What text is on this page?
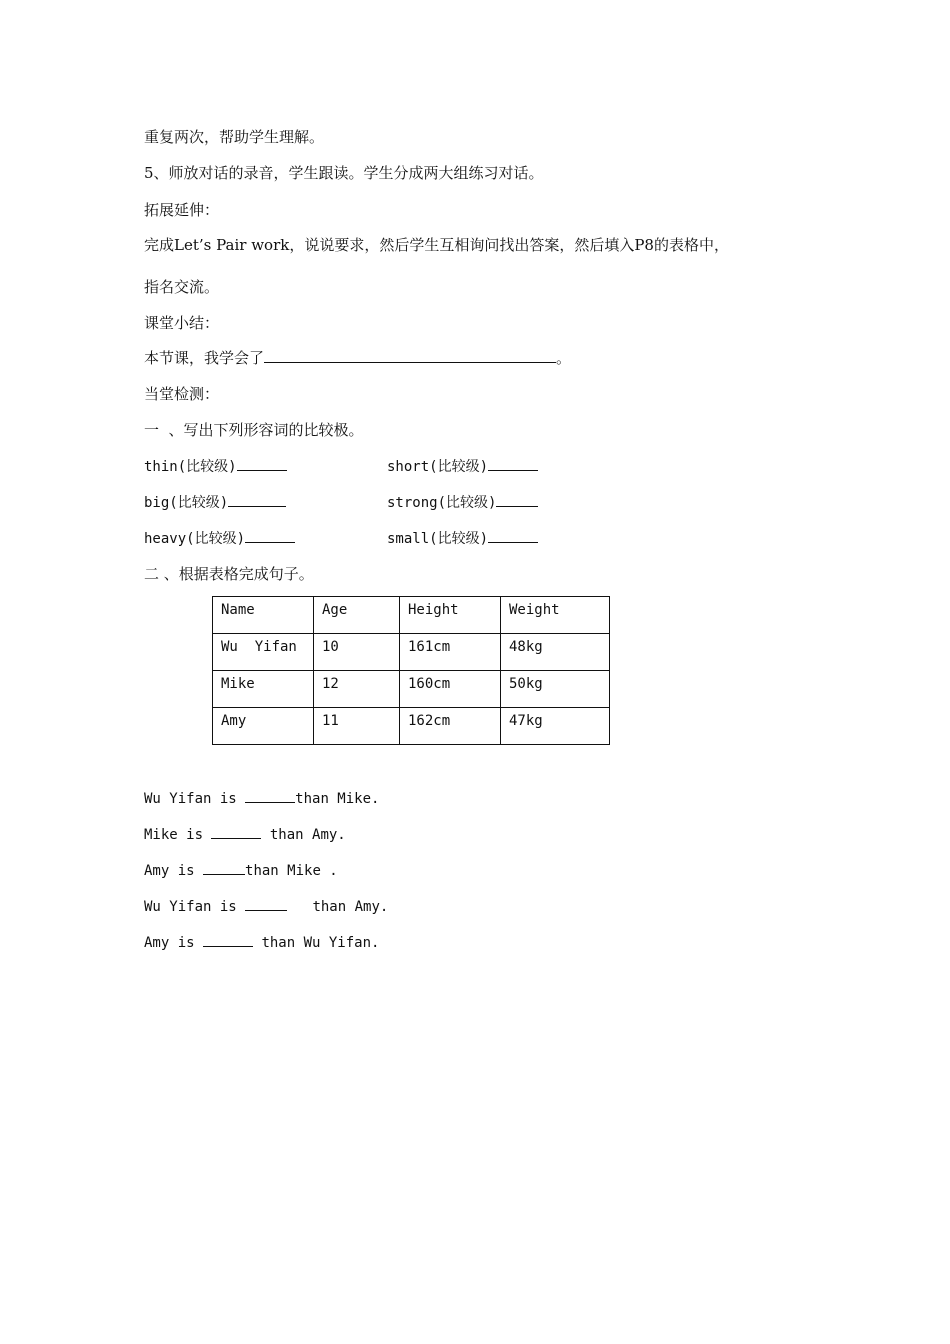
重复两次，帮助学生理解。
5、师放对话的录音，学生跟读。学生分成两大组练习对话。
拓展延伸：
完成Let’s Pair work，说说要求，然后学生互相询问找出答案，然后填入P8的表格中，
指名交流。
课堂小结：
本节课，我学会了	。
当堂检测：
一  、写出下列形容词的比较极。
thin(比较级)	short(比较级)
big(比较级)	strong(比较级)
heavy(比较级)	small(比较级)
二 、根据表格完成句子。
Name	Age	Height	Weight
Wu  Yifan	10	161cm	48kg
Mike	12	160cm	50kg
Amy	11	162cm	47kg
Wu Yifan is	than Mike.
Mike is	than Amy.
Amy is	than Mike .
Wu Yifan is	than Amy.
Amy is	than Wu Yifan.
